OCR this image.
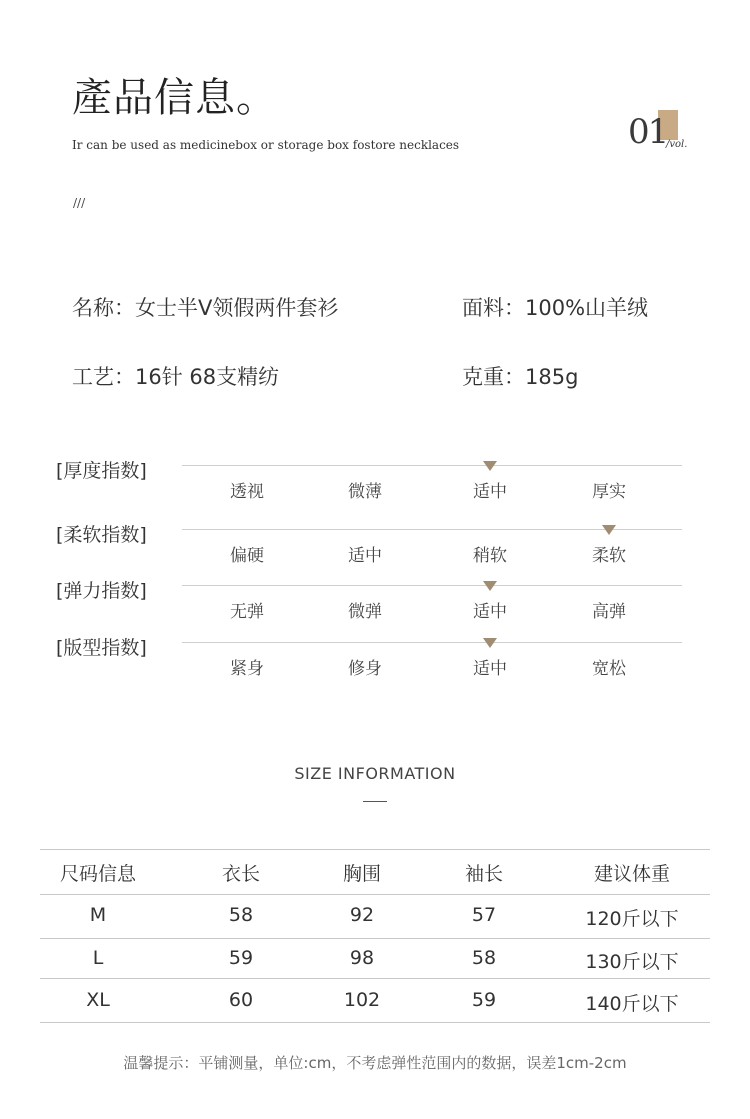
產品信息。
Ir can be used as medicinebox or storage box fostore necklaces
///
01
/vol.
名称：女士半V领假两件套衫	面料：100%山羊绒
工艺：16针 68支精纺	克重：185g
[厚度指数]
透视	微薄	适中	厚实
[柔软指数]
偏硬	适中	稍软	柔软
[弹力指数]
无弹	微弹	适中	高弹
[版型指数]
紧身	修身	适中	宽松
SIZE INFORMATION
尺码信息	衣长	胸围	袖长	建议体重
M	58	92	57	120斤以下
L	59	98	58	130斤以下
XL	60	102	59	140斤以下
温馨提示：平铺测量，单位:cm，不考虑弹性范围内的数据，误差1cm-2cm
